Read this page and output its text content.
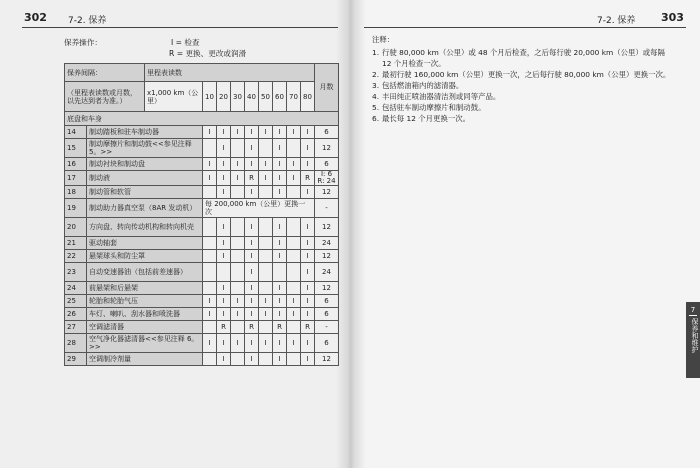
302 7-2. 保养
保养操作：	I = 检查
R = 更换、更改或润滑
保养间隔：		里程表读数									月数
（里程表读数或月数，以先达到者为准。）		x1,000 km（公里）	10	20	30	40	50	60	70	80	
底盘和车身											
14	制动踏板和驻车制动器		I	I	I	I	I	I	I	I	6
15	制动摩擦片和制动鼓<<参见注释 5。>>			I		I		I		I	12
16	制动衬块和制动盘		I	I	I	I	I	I	I	I	6
17	制动液		I	I	I	R	I	I	I	R	I: 6
R: 24
18	制动管和软管			I		I		I		I	12
19	制动助力器真空泵（8AR 发动机）		每 200,000 km（公里）更换一次								-
20	方向盘、转向传动机构和转向机壳			I		I		I		I	12
21	驱动轴套			I		I		I		I	24
22	悬架球头和防尘罩			I		I		I		I	12
23	自动变速器油（包括前差速器）					I				I	24
24	前悬架和后悬架			I		I		I		I	12
25	轮胎和轮胎气压		I	I	I	I	I	I	I	I	6
26	车灯、喇叭、刮水器和喷洗器		I	I	I	I	I	I	I	I	6
27	空调滤清器			R		R		R		R	-
28	空气净化器滤清器<<参见注释 6。>>		I	I	I	I	I	I	I	I	6
29	空调制冷剂量			I		I		I		I	12
7-2. 保养 303
注释：
1. 行驶 80,000 km（公里）或 48 个月后检查，之后每行驶 20,000 km（公里）或每隔 12 个月检查一次。
2. 最初行驶 160,000 km（公里）更换一次，之后每行驶 80,000 km（公里）更换一次。
3. 包括燃油箱内的滤清器。
4. 丰田纯正喷油器清洁剂或同等产品。
5. 包括驻车制动摩擦片和制动鼓。
6. 最长每 12 个月更换一次。
7
保养和维护
